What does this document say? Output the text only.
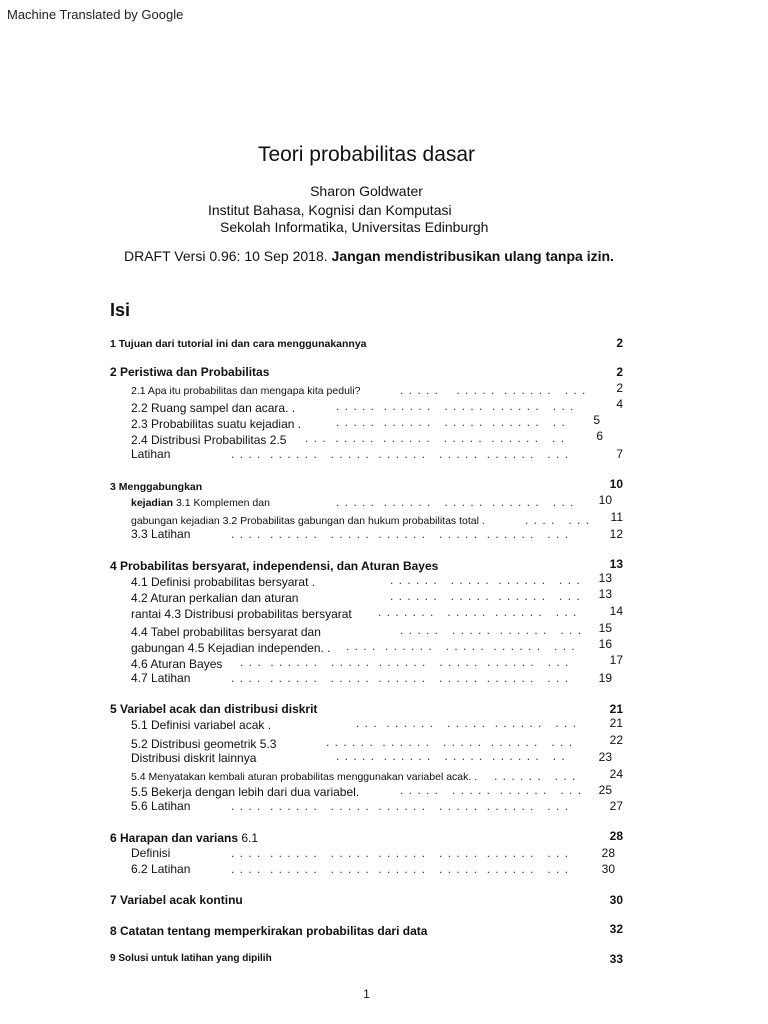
Machine Translated by Google
Teori probabilitas dasar
Sharon Goldwater
Institut Bahasa, Kognisi dan Komputasi
Sekolah Informatika, Universitas Edinburgh
DRAFT Versi 0.96: 10 Sep 2018. Jangan mendistribusikan ulang tanpa izin.
Isi
1 Tujuan dari tutorial ini dan cara menggunakannya	2
2 Peristiwa dan Probabilitas	2
2.1 Apa itu probabilitas dan mengapa kita peduli?	. . . . .    . . . . .  . . . . . .   . . .	2
2.2 Ruang sampel dan acara. .	. . . . .  . . . . . .   . . . . .  . . . . . .   . . .	4
2.3 Probabilitas suatu kejadian .	. . . . .  . . . . . .   . . . . .  . . . . . .   . .	5
2.4 Distribusi Probabilitas 2.5 . . .  . . . . .  . . . . . .   . . . . .  . . . . . .   . .	6
Latihan	. . . .  . . . . . .   . . . . .  . . . . . .   . . . . .  . . . . . .   . . .	7
3 Menggabungkan	10
kejadian 3.1 Komplemen dan	. . . . .  . . . . . .   . . . . .  . . . . . .   . . .	10
gabungan kejadian 3.2 Probabilitas gabungan dan hukum probabilitas total .	. . . .   . . .	11
3.3 Latihan	. . . .  . . . . . .   . . . . .  . . . . . .   . . . . .  . . . . . .   . . .	12
4 Probabilitas bersyarat, independensi, dan Aturan Bayes	13
4.1 Definisi probabilitas bersyarat .	. . . . . .   . . . . .  . . . . . .   . . .	13
4.2 Aturan perkalian dan aturan	. . . . . .   . . . . .  . . . . . .   . . .	13
rantai 4.3 Distribusi probabilitas bersyarat . . . . . . .   . . . . .  . . . . . .   . . .	14
4.4 Tabel probabilitas bersyarat dan	. . . . .   . . . . .  . . . . . .   . . .	15
gabungan 4.5 Kejadian independen. . . . . .  . . . . . .   . . . . .  . . . . . .   . . .	16
4.6 Aturan Bayes . . .  . . . . . .   . . . . .  . . . . . .   . . . . .  . . . . . .   . . .	17
4.7 Latihan	. . . .  . . . . . .   . . . . .  . . . . . .   . . . . .  . . . . . .   . . .	19
5 Variabel acak dan distribusi diskrit	21
5.1 Definisi variabel acak .	. . .  . . . . . .   . . . . .  . . . . . .   . . .	21
5.2 Distribusi geometrik 5.3	. . . . . .  . . . . . .   . . . . .  . . . . . .   . . .	22
Distribusi diskrit lainnya	. . . . .  . . . . . .   . . . . .  . . . . . .   . .	23
5.4 Menyatakan kembali aturan probabilitas menggunakan variabel acak. . . . . . . .   . . .	24
5.5 Bekerja dengan lebih dari dua variabel.	. . . . .   . . . . .  . . . . . .   . . .	25
5.6 Latihan	. . . .  . . . . . .   . . . . .  . . . . . .   . . . . .  . . . . . .   . . .	27
6 Harapan dan varians 6.1	28
Definisi	. . . .  . . . . . .   . . . . .  . . . . . .   . . . . .  . . . . . .   . . .	28
6.2 Latihan	. . . .  . . . . . .   . . . . .  . . . . . .   . . . . .  . . . . . .   . . .	30
7 Variabel acak kontinu	30
8 Catatan tentang memperkirakan probabilitas dari data	32
9 Solusi untuk latihan yang dipilih	33
1
